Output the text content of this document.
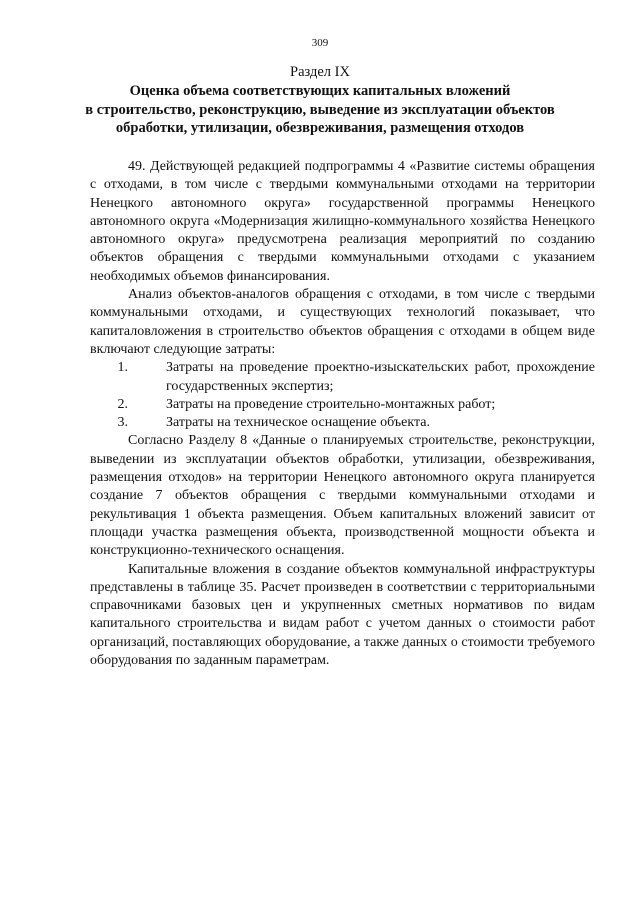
309
Раздел IX
Оценка объема соответствующих капитальных вложений
в строительство, реконструкцию, выведение из эксплуатации объектов
обработки, утилизации, обезвреживания, размещения отходов

49. Действующей редакцией подпрограммы 4 «Развитие системы обращения с отходами, в том числе с твердыми коммунальными отходами на территории Ненецкого автономного округа» государственной программы Ненецкого автономного округа «Модернизация жилищно-коммунального хозяйства Ненецкого автономного округа» предусмотрена реализация мероприятий по созданию объектов обращения с твердыми коммунальными отходами с указанием необходимых объемов финансирования.

Анализ объектов-аналогов обращения с отходами, в том числе с твердыми коммунальными отходами, и существующих технологий показывает, что капиталовложения в строительство объектов обращения с отходами в общем виде включают следующие затраты:

1.	Затраты на проведение проектно-изыскательских работ, прохождение государственных экспертиз;
2.	Затраты на проведение строительно-монтажных работ;
3.	Затраты на техническое оснащение объекта.

Согласно Разделу 8 «Данные о планируемых строительстве, реконструкции, выведении из эксплуатации объектов обработки, утилизации, обезвреживания, размещения отходов» на территории Ненецкого автономного округа планируется создание 7 объектов обращения с твердыми коммунальными отходами и рекультивация 1 объекта размещения. Объем капитальных вложений зависит от площади участка размещения объекта, производственной мощности объекта и конструкционно-технического оснащения.

Капитальные вложения в создание объектов коммунальной инфраструктуры представлены в таблице 35. Расчет произведен в соответствии с территориальными справочниками базовых цен и укрупненных сметных нормативов по видам капитального строительства и видам работ с учетом данных о стоимости работ организаций, поставляющих оборудование, а также данных о стоимости требуемого оборудования по заданным параметрам.
